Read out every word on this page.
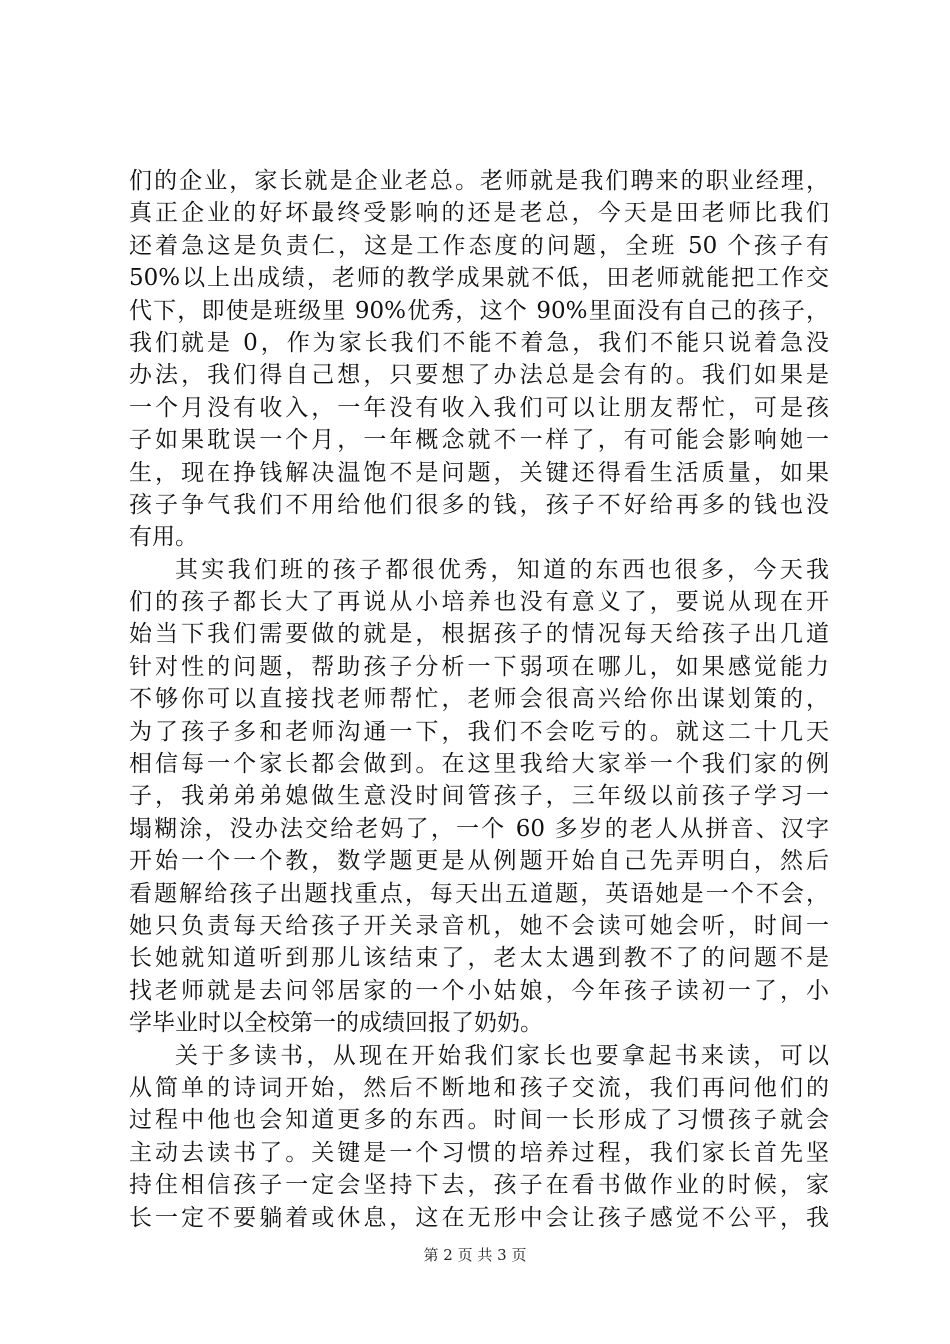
们的企业，家长就是企业老总。老师就是我们聘来的职业经理，
真正企业的好坏最终受影响的还是老总，今天是田老师比我们
还着急这是负责仁，这是工作态度的问题，全班 50 个孩子有
50%以上出成绩，老师的教学成果就不低，田老师就能把工作交
代下，即使是班级里 90%优秀，这个 90%里面没有自己的孩子，
我们就是 0，作为家长我们不能不着急，我们不能只说着急没
办法，我们得自己想，只要想了办法总是会有的。我们如果是
一个月没有收入，一年没有收入我们可以让朋友帮忙，可是孩
子如果耽误一个月，一年概念就不一样了，有可能会影响她一
生，现在挣钱解决温饱不是问题，关键还得看生活质量，如果
孩子争气我们不用给他们很多的钱，孩子不好给再多的钱也没
有用。
其实我们班的孩子都很优秀，知道的东西也很多，今天我
们的孩子都长大了再说从小培养也没有意义了，要说从现在开
始当下我们需要做的就是，根据孩子的情况每天给孩子出几道
针对性的问题，帮助孩子分析一下弱项在哪儿，如果感觉能力
不够你可以直接找老师帮忙，老师会很高兴给你出谋划策的，
为了孩子多和老师沟通一下，我们不会吃亏的。就这二十几天
相信每一个家长都会做到。在这里我给大家举一个我们家的例
子，我弟弟弟媳做生意没时间管孩子，三年级以前孩子学习一
塌糊涂，没办法交给老妈了，一个 60 多岁的老人从拼音、汉字
开始一个一个教，数学题更是从例题开始自己先弄明白，然后
看题解给孩子出题找重点，每天出五道题，英语她是一个不会，
她只负责每天给孩子开关录音机，她不会读可她会听，时间一
长她就知道听到那儿该结束了，老太太遇到教不了的问题不是
找老师就是去问邻居家的一个小姑娘，今年孩子读初一了，小
学毕业时以全校第一的成绩回报了奶奶。
关于多读书，从现在开始我们家长也要拿起书来读，可以
从简单的诗词开始，然后不断地和孩子交流，我们再问他们的
过程中他也会知道更多的东西。时间一长形成了习惯孩子就会
主动去读书了。关键是一个习惯的培养过程，我们家长首先坚
持住相信孩子一定会坚持下去，孩子在看书做作业的时候，家
长一定不要躺着或休息，这在无形中会让孩子感觉不公平，我
第 2 页 共 3 页
